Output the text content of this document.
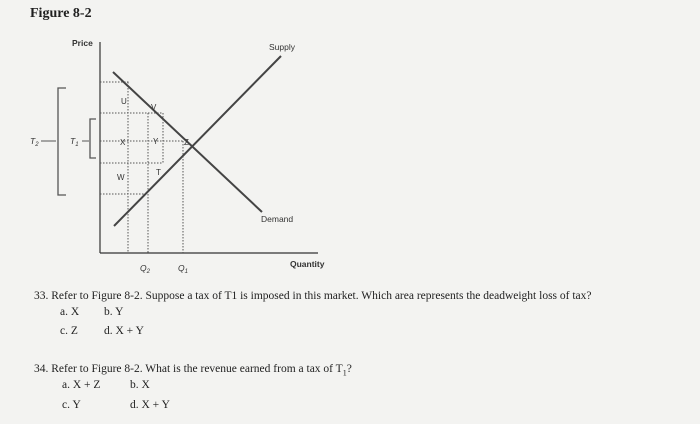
Figure 8-2
Price
Quantity
Supply
Demand
$T_2$	$T_1$
U
V
X	Y	Z
W
T
$Q_2$	$Q_1$
33. Refer to Figure 8-2. Suppose a tax of T1 is imposed in this market. Which area represents the deadweight loss of tax?
a. X b. Y
c. Z d. X + Y
34. Refer to Figure 8-2. What is the revenue earned from a tax of $T_1$?
a. X + Z	b. X
c. Y	d. X + Y
